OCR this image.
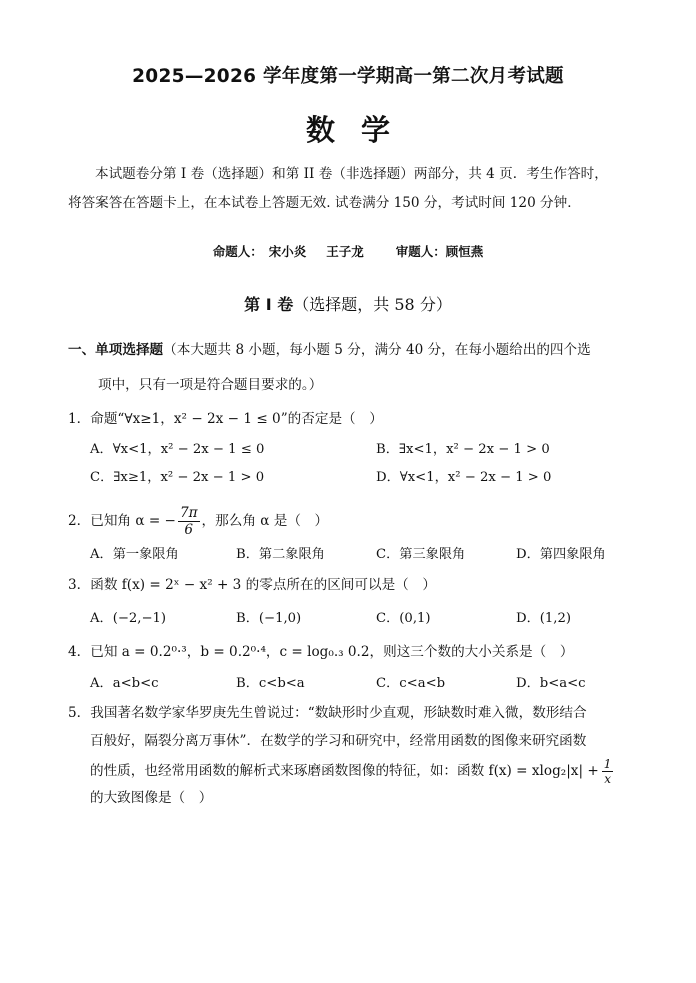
2025—2026 学年度第一学期高一第二次月考试题
数学
本试题卷分第 I 卷（选择题）和第 II 卷（非选择题）两部分，共 4 页．考生作答时，
将答案答在答题卡上，在本试卷上答题无效. 试卷满分 150 分，考试时间 120 分钟．
命题人： 宋小炎 王子龙	审题人：顾恒燕
第 I 卷（选择题，共 58 分）
一、单项选择题（本大题共 8 小题，每小题 5 分，满分 40 分，在每小题给出的四个选
项中，只有一项是符合题目要求的。）
1．命题“∀x≥1，x² − 2x − 1 ≤ 0”的否定是（　）
A．∀x<1，x² − 2x − 1 ≤ 0	B．∃x<1，x² − 2x − 1 > 0
C．∃x≥1，x² − 2x − 1 > 0	D．∀x<1，x² − 2x − 1 > 0
2．已知角 α = − $\frac{7\pi}{6}$ ，那么角 α 是（　）
A．第一象限角	B．第二象限角	C．第三象限角	D．第四象限角
3．函数 f(x) = 2ˣ − x² + 3 的零点所在的区间可以是（　）
A．(−2,−1)	B．(−1,0)	C．(0,1)	D．(1,2)
4．已知 a = 0.2⁰·³，b = 0.2⁰·⁴，c = log₀.₃ 0.2，则这三个数的大小关系是（　）
A．a<b<c	B．c<b<a	C．c<a<b	D．b<a<c
5．我国著名数学家华罗庚先生曾说过：“数缺形时少直观，形缺数时难入微，数形结合
百般好，隔裂分离万事休”．在数学的学习和研究中，经常用函数的图像来研究函数
的性质，也经常用函数的解析式来琢磨函数图像的特征，如：函数 $f(x) = xlog_2|x| + \frac{1}{x}$
的大致图像是（　）
